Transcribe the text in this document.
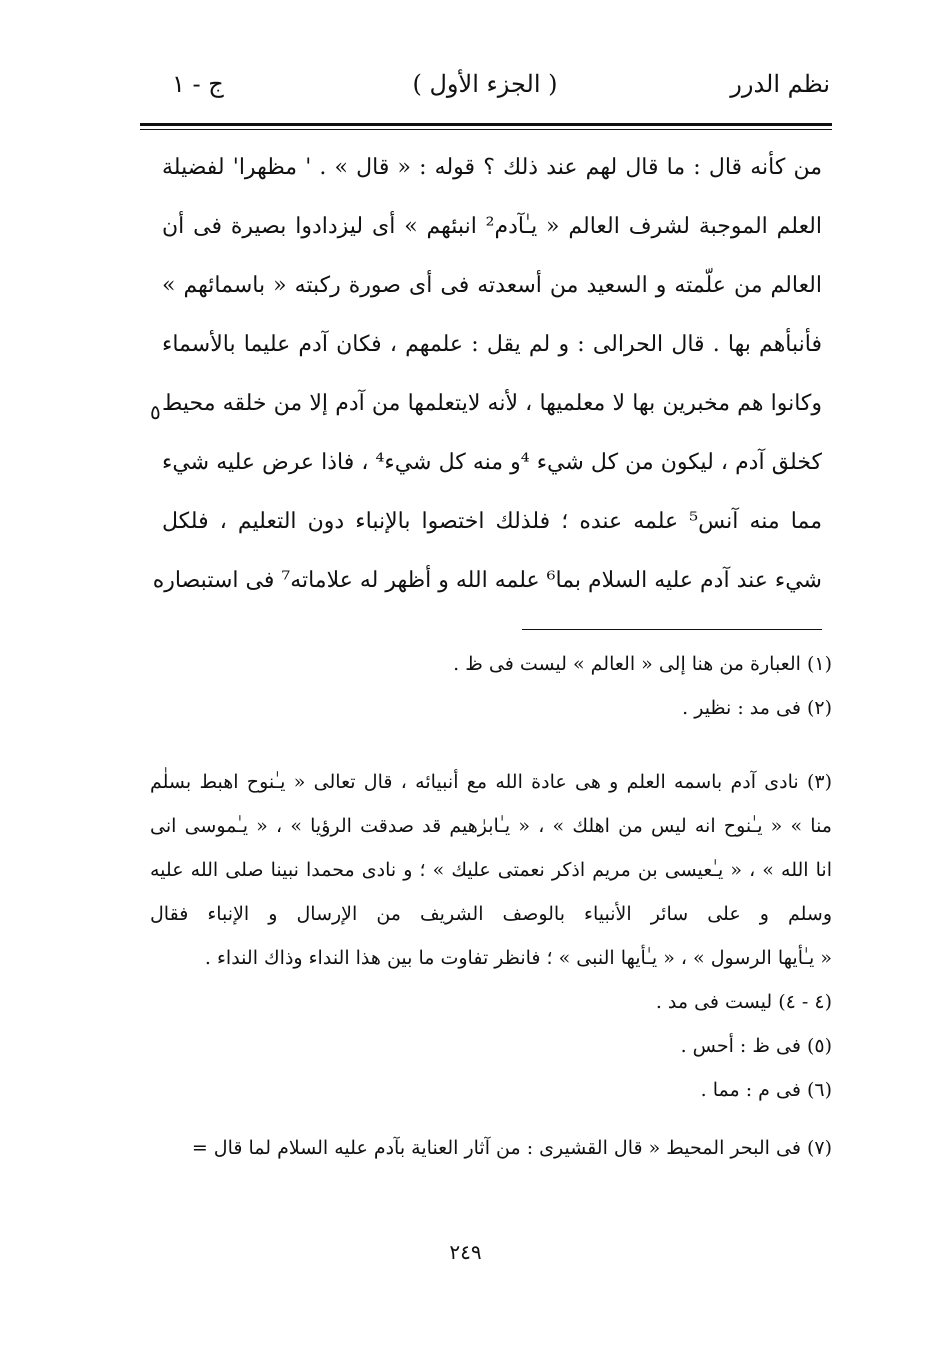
نظم الدرر
( الجزء الأول )
ج - ١
من كأنه قال : ما قال لهم عند ذلك ؟ قوله : « قال » . ' مظهرا' لفضيلة
العلم الموجبة لشرف العالم « يـٰآدم² انبئهم » أى ليزدادوا بصيرة فى أن
العالم من علّمته و السعيد من أسعدته فى أى صورة ركبته « باسمائهم »
فأنبأهم بها . قال الحرالى : و لم يقل : علمهم ، فكان آدم عليما بالأسماء
وكانوا هم مخبرين بها لا معلميها ، لأنه لايتعلمها من آدم إلا من خلقه محيط
كخلق آدم ، ليكون من كل شيء ⁴و منه كل شيء⁴ ، فاذا عرض عليه شيء
مما منه آنس⁵ علمه عنده ؛ فلذلك اختصوا بالإنباء دون التعليم ، فلكل
شيء عند آدم عليه السلام بما⁶ علمه الله و أظهر له علاماته⁷ فى استبصاره
٥
(١) العبارة من هنا إلى « العالم » ليست فى ظ .
(٢) فى مد : نظير .
(٣) نادى آدم باسمه العلم و هى عادة الله مع أنبيائه ، قال تعالى « يـٰنوح اهبط بسلٰم
منا » « يـٰنوح انه ليس من اهلك » ، « يـٰابرٰهيم قد صدقت الرؤيا » ، « يـٰموسى انى
انا الله » ، « يـٰعيسى بن مريم اذكر نعمتى عليك » ؛ و نادى محمدا نبينا صلى الله عليه
وسلم و على سائر الأنبياء بالوصف الشريف من الإرسال و الإنباء فقال
« يـٰأيها الرسول » ، « يـٰأيها النبى » ؛ فانظر تفاوت ما بين هذا النداء وذاك النداء .
(٤ - ٤) ليست فى مد .
(٥) فى ظ : أحس .
(٦) فى م : مما .
(٧) فى البحر المحيط « قال القشيرى : من آثار العناية بآدم عليه السلام لما قال =
٢٤٩
